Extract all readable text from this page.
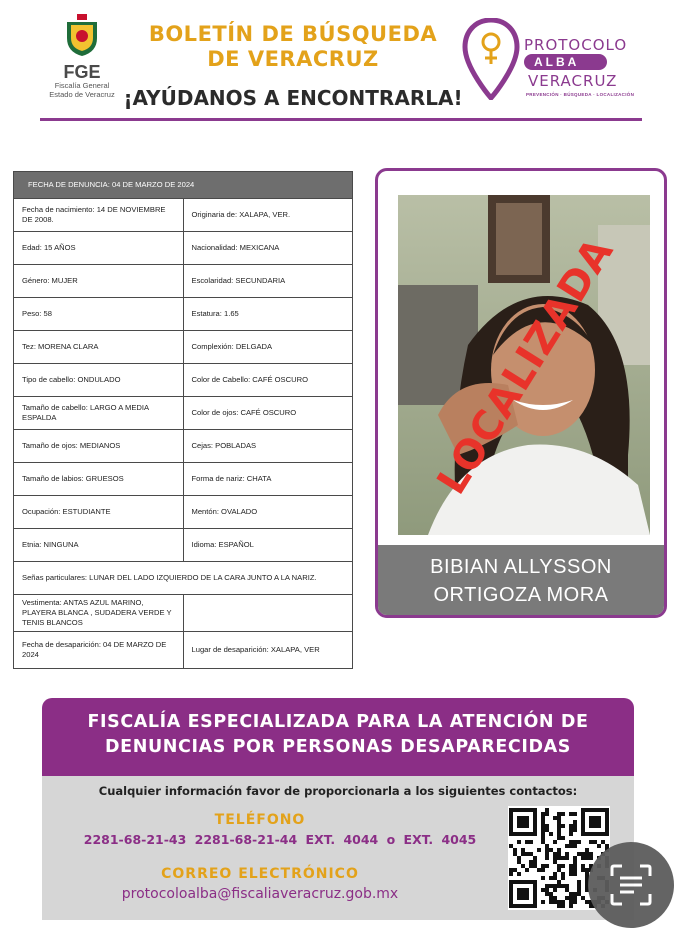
FGE
Fiscalía General
Estado de Veracruz
BOLETÍN DE BÚSQUEDA
DE VERACRUZ
¡AYÚDANOS A ENCONTRARLA!
PROTOCOLO
ALBA
VERACRUZ
PREVENCIÓN · BÚSQUEDA · LOCALIZACIÓN
FECHA DE DENUNCIA: 04 DE MARZO DE 2024	
Fecha de nacimiento: 14 DE NOVIEMBRE DE 2008.	Originaria de: XALAPA, VER.
Edad: 15 AÑOS	Nacionalidad: MEXICANA
Género: MUJER	Escolaridad: SECUNDARIA
Peso: 58	Estatura: 1.65
Tez: MORENA CLARA	Complexión: DELGADA
Tipo de cabello: ONDULADO	Color de Cabello: CAFÉ OSCURO
Tamaño de cabello: LARGO A MEDIA ESPALDA	Color de ojos: CAFÉ OSCURO
Tamaño de ojos: MEDIANOS	Cejas: POBLADAS
Tamaño de labios: GRUESOS	Forma de nariz: CHATA
Ocupación: ESTUDIANTE	Mentón: OVALADO
Etnia: NINGUNA	Idioma: ESPAÑOL
Señas particulares: LUNAR DEL LADO IZQUIERDO DE LA CARA JUNTO A LA NARIZ.	
Vestimenta: ANTAS AZUL MARINO, PLAYERA BLANCA , SUDADERA VERDE Y TENIS BLANCOS	
Fecha de desaparición: 04 DE MARZO DE 2024	Lugar de desaparición: XALAPA, VER
LOCALIZADA
BIBIAN ALLYSSON
ORTIGOZA MORA
FISCALÍA ESPECIALIZADA PARA LA ATENCIÓN DE
DENUNCIAS POR PERSONAS DESAPARECIDAS
Cualquier información favor de proporcionarla a los siguientes contactos:
TELÉFONO
2281-68-21-43 2281-68-21-44 EXT. 4044 o EXT. 4045
CORREO ELECTRÓNICO
protocoloalba@fiscaliaveracruz.gob.mx
